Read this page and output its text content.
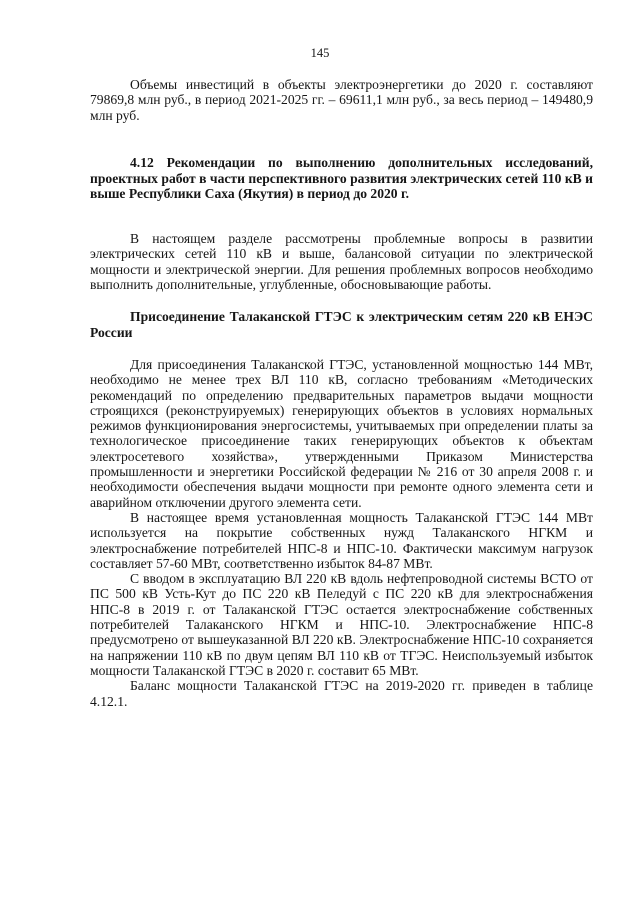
145

Объемы инвестиций в объекты электроэнергетики до 2020 г. составляют 79869,8 млн руб., в период 2021-2025 гг. – 69611,1 млн руб., за весь период – 149480,9 млн руб.

4.12 Рекомендации по выполнению дополнительных исследований, проектных работ в части перспективного развития электрических сетей 110 кВ и выше Республики Саха (Якутия) в период до 2020 г.

В настоящем разделе рассмотрены проблемные вопросы в развитии электрических сетей 110 кВ и выше, балансовой ситуации по электрической мощности и электрической энергии. Для решения проблемных вопросов необходимо выполнить дополнительные, углубленные, обосновывающие работы.

Присоединение Талаканской ГТЭС к электрическим сетям 220 кВ ЕНЭС России

Для присоединения Талаканской ГТЭС, установленной мощностью 144 МВт, необходимо не менее трех ВЛ 110 кВ, согласно требованиям «Методических рекомендаций по определению предварительных параметров выдачи мощности строящихся (реконструируемых) генерирующих объектов в условиях нормальных режимов функционирования энергосистемы, учитываемых при определении платы за технологическое присоединение таких генерирующих объектов к объектам электросетевого хозяйства», утвержденными Приказом Министерства промышленности и энергетики Российской федерации № 216 от 30 апреля 2008 г. и необходимости обеспечения выдачи мощности при ремонте одного элемента сети и аварийном отключении другого элемента сети.

В настоящее время установленная мощность Талаканской ГТЭС 144 МВт используется на покрытие собственных нужд Талаканского НГКМ и электроснабжение потребителей НПС-8 и НПС-10. Фактически максимум нагрузок составляет 57-60 МВт, соответственно избыток 84-87 МВт.

С вводом в эксплуатацию ВЛ 220 кВ вдоль нефтепроводной системы ВСТО от ПС 500 кВ Усть-Кут до ПС 220 кВ Пеледуй с ПС 220 кВ для электроснабжения НПС-8 в 2019 г. от Талаканской ГТЭС остается электроснабжение собственных потребителей Талаканского НГКМ и НПС-10. Электроснабжение НПС-8 предусмотрено от вышеуказанной ВЛ 220 кВ. Электроснабжение НПС-10 сохраняется на напряжении 110 кВ по двум цепям ВЛ 110 кВ от ТГЭС. Неиспользуемый избыток мощности Талаканской ГТЭС в 2020 г. составит 65 МВт.

Баланс мощности Талаканской ГТЭС на 2019-2020 гг. приведен в таблице 4.12.1.
